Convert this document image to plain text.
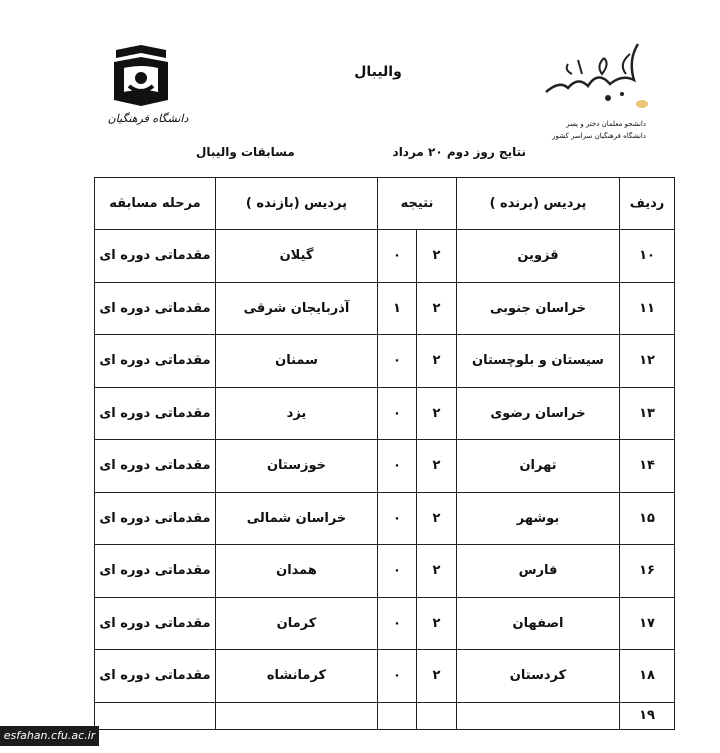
دانشگاه فرهنگیان
والیبال
دانشجو معلمان دختر و پسر
دانشگاه فرهنگیان سراسر کشور
نتایج روز دوم ۲۰ مرداد
مسابقات والیبال
ردیف	پردیس (برنده )	نتیجه		پردیس (بازنده )	مرحله مسابقه
۱۰	قزوین	۲	۰	گیلان	مقدماتی دوره ای
۱۱	خراسان جنوبی	۲	۱	آذربایجان شرقی	مقدماتی دوره ای
۱۲	سیستان و بلوچستان	۲	۰	سمنان	مقدماتی دوره ای
۱۳	خراسان رضوی	۲	۰	یزد	مقدماتی دوره ای
۱۴	تهران	۲	۰	خوزستان	مقدماتی دوره ای
۱۵	بوشهر	۲	۰	خراسان شمالی	مقدماتی دوره ای
۱۶	فارس	۲	۰	همدان	مقدماتی دوره ای
۱۷	اصفهان	۲	۰	کرمان	مقدماتی دوره ای
۱۸	کردستان	۲	۰	کرمانشاه	مقدماتی دوره ای
۱۹					
esfahan.cfu.ac.ir
